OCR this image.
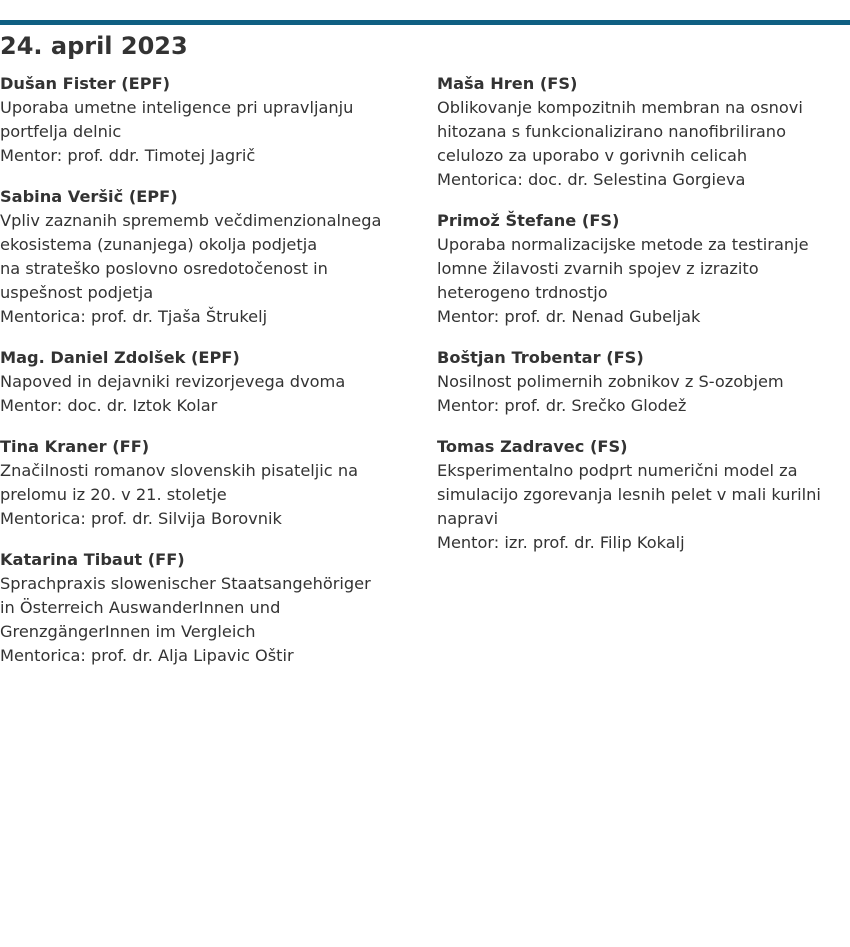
24. april 2023
Dušan Fister (EPF)
Uporaba umetne inteligence pri upravljanju
portfelja delnic
Mentor: prof. ddr. Timotej Jagrič
Sabina Veršič (EPF)
Vpliv zaznanih sprememb večdimenzionalnega
ekosistema (zunanjega) okolja podjetja
na strateško poslovno osredotočenost in
uspešnost podjetja
Mentorica: prof. dr. Tjaša Štrukelj
Mag. Daniel Zdolšek (EPF)
Napoved in dejavniki revizorjevega dvoma
Mentor: doc. dr. Iztok Kolar
Tina Kraner (FF)
Značilnosti romanov slovenskih pisateljic na
prelomu iz 20. v 21. stoletje
Mentorica: prof. dr. Silvija Borovnik
Katarina Tibaut (FF)
Sprachpraxis slowenischer Staatsangehöriger
in Österreich AuswanderInnen und
GrenzgängerInnen im Vergleich
Mentorica: prof. dr. Alja Lipavic Oštir
Maša Hren (FS)
Oblikovanje kompozitnih membran na osnovi
hitozana s funkcionalizirano nanofibrilirano
celulozo za uporabo v gorivnih celicah
Mentorica: doc. dr. Selestina Gorgieva
Primož Štefane (FS)
Uporaba normalizacijske metode za testiranje
lomne žilavosti zvarnih spojev z izrazito
heterogeno trdnostjo
Mentor: prof. dr. Nenad Gubeljak
Boštjan Trobentar (FS)
Nosilnost polimernih zobnikov z S-ozobjem
Mentor: prof. dr. Srečko Glodež
Tomas Zadravec (FS)
Eksperimentalno podprt numerični model za
simulacijo zgorevanja lesnih pelet v mali kurilni
napravi
Mentor: izr. prof. dr. Filip Kokalj
